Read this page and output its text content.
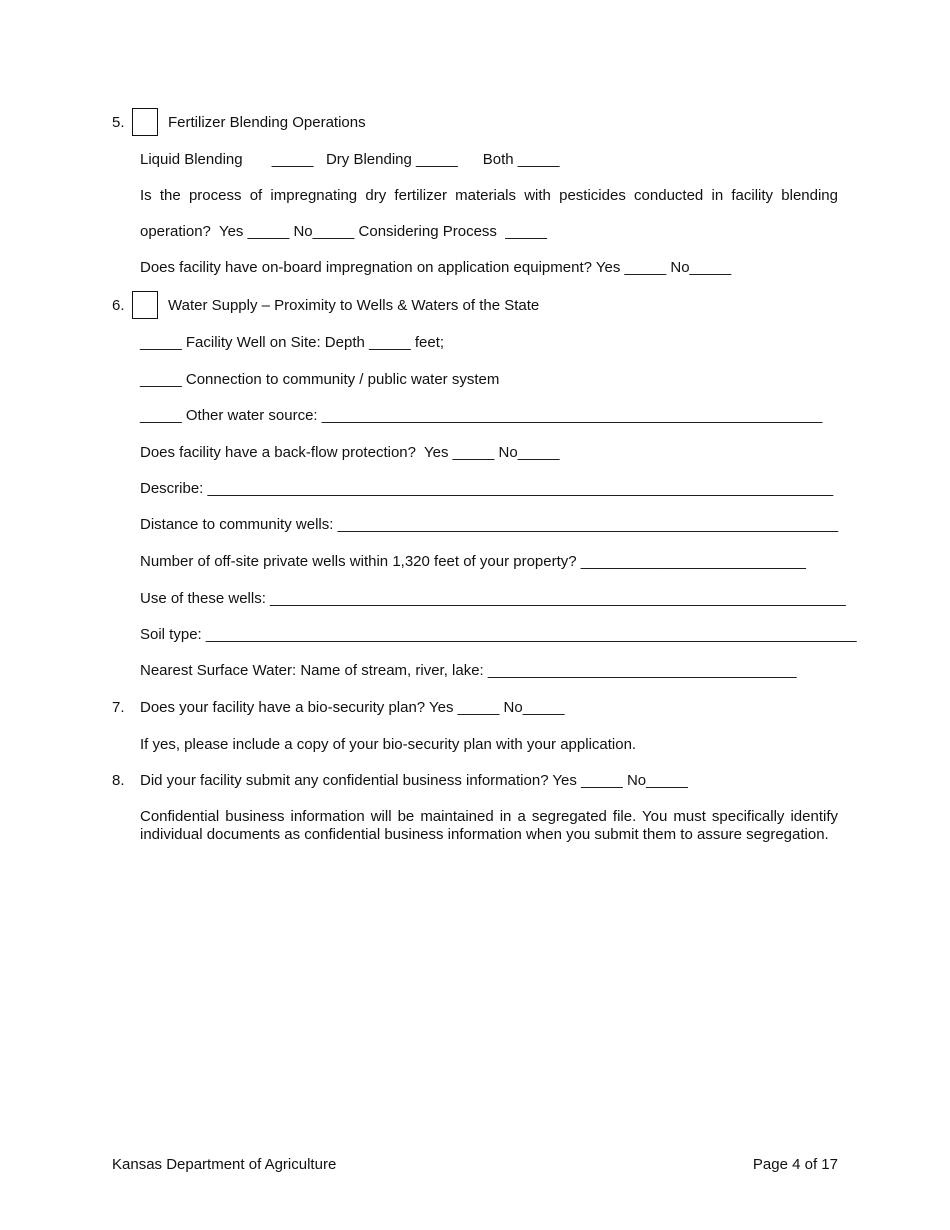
5.	Fertilizer Blending Operations
Liquid Blending       _____   Dry Blending _____      Both _____
Is the process of impregnating dry fertilizer materials with pesticides conducted in facility blending
operation?  Yes _____ No_____ Considering Process  _____
Does facility have on-board impregnation on application equipment? Yes _____ No_____
6.	Water Supply – Proximity to Wells & Waters of the State
_____ Facility Well on Site: Depth _____ feet;
_____ Connection to community / public water system
_____ Other water source: ____________________________________________________________
Does facility have a back-flow protection?  Yes _____ No_____
Describe: ___________________________________________________________________________
Distance to community wells: ____________________________________________________________
Number of off-site private wells within 1,320 feet of your property? ___________________________
Use of these wells: _____________________________________________________________________
Soil type: ______________________________________________________________________________
Nearest Surface Water: Name of stream, river, lake: _____________________________________
7. Does your facility have a bio-security plan? Yes _____ No_____
If yes, please include a copy of your bio-security plan with your application.
8. Did your facility submit any confidential business information? Yes _____ No_____
Confidential business information will be maintained in a segregated file. You must specifically identify individual documents as confidential business information when you submit them to assure segregation.
Kansas Department of Agriculture	Page 4 of 17
